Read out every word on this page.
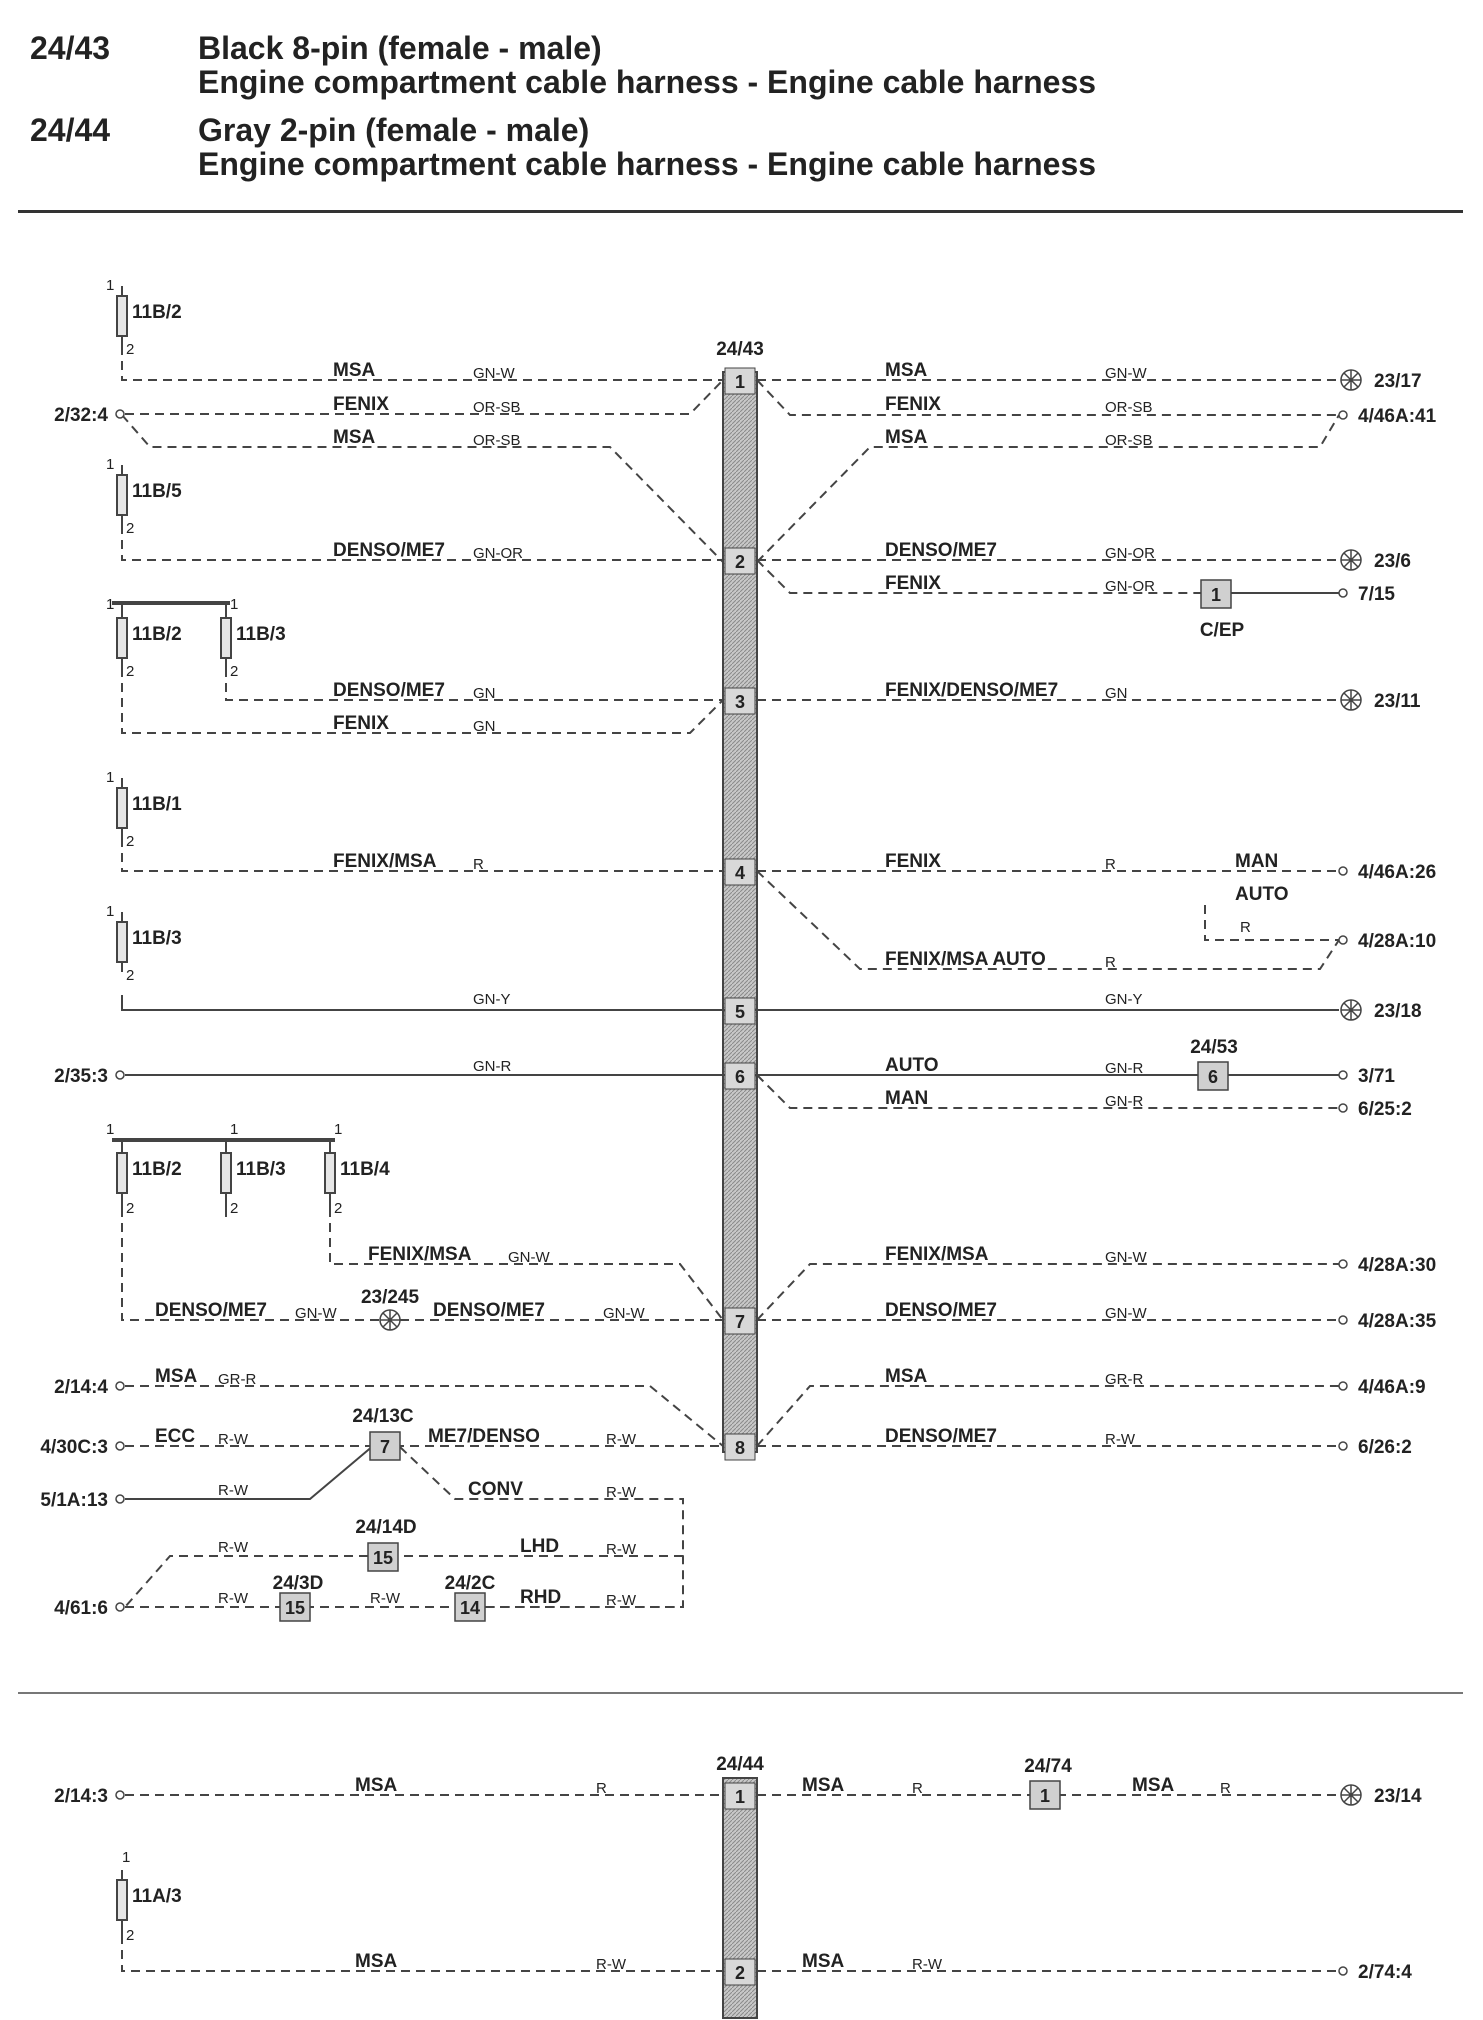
24/43	Black 8-pin (female - male)
Engine compartment cable harness - Engine cable harness
24/44	Gray 2-pin (female - male)
Engine compartment cable harness - Engine cable harness
1
2
3
4
5
6
7
8
1
2
24/43
24/44
11B/2
11B/5
11B/2	11B/3
11B/1
11B/3
11B/2	11B/3	11B/4
11A/3
1
2
1
2
1
2
1
2
1
2
1
2
1
2
1
2
1
2
1
2
2/32:4
2/35:3
2/14:4
4/30C:3
5/1A:13
4/61:6
2/14:3
23/17
4/46A:41
23/6
7/15
23/11
4/46A:26
4/28A:10
23/18
3/71
6/25:2
4/28A:30
4/28A:35
4/46A:9
6/26:2
23/14
2/74:4
23/245
1
C/EP
6
24/53
7
24/13C
15
24/14D
15
24/3D
14
24/2C
1
24/74
MSA	GN-W
FENIX	OR-SB
MSA	OR-SB
DENSO/ME7 GN-OR
DENSO/ME7 GN
FENIX	GN
FENIX/MSA R
GN-Y
GN-R
FENIX/MSA GN-W
DENSO/ME7 GN-W	DENSO/ME7	GN-W
MSA GR-R
ECC R-W	ME7/DENSO	R-W
R-W	CONV	R-W
R-W	LHD	R-W
R-W	R-W	RHD	R-W
MSA	R
MSA	R-W
MSA	GN-W
FENIX	OR-SB
MSA	OR-SB
DENSO/ME7	GN-OR
FENIX	GN-OR
FENIX/DENSO/ME7	GN
FENIX	R	MAN
AUTO
R
FENIX/MSA AUTO	R
GN-Y
AUTO	GN-R
MAN	GN-R
FENIX/MSA	GN-W
DENSO/ME7	GN-W
MSA	GR-R
DENSO/ME7	R-W
MSA	R	MSA	R
MSA	R-W
